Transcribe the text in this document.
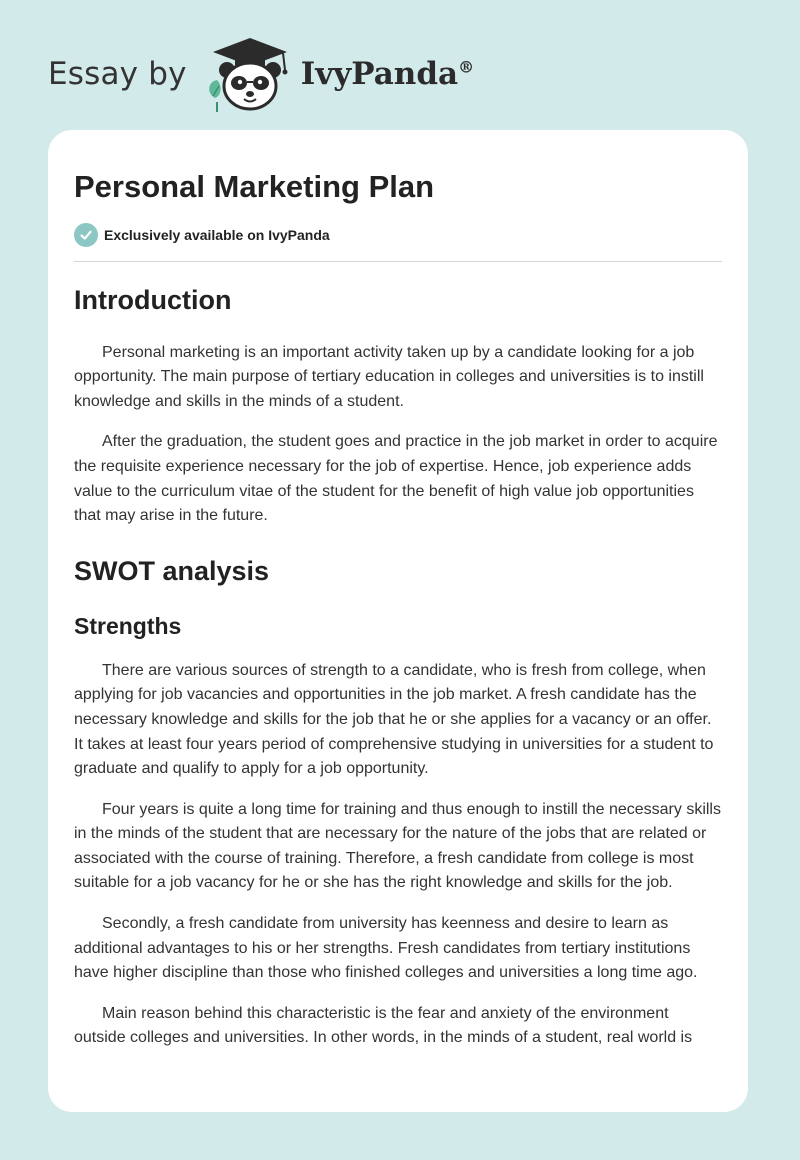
Essay by	IvyPanda®
Personal Marketing Plan
Exclusively available on IvyPanda
Introduction

Personal marketing is an important activity taken up by a candidate looking for a job opportunity. The main purpose of tertiary education in colleges and universities is to instill knowledge and skills in the minds of a student.

After the graduation, the student goes and practice in the job market in order to acquire the requisite experience necessary for the job of expertise. Hence, job experience adds value to the curriculum vitae of the student for the benefit of high value job opportunities that may arise in the future.

SWOT analysis
Strengths

There are various sources of strength to a candidate, who is fresh from college, when applying for job vacancies and opportunities in the job market. A fresh candidate has the necessary knowledge and skills for the job that he or she applies for a vacancy or an offer. It takes at least four years period of comprehensive studying in universities for a student to graduate and qualify to apply for a job opportunity.

Four years is quite a long time for training and thus enough to instill the necessary skills in the minds of the student that are necessary for the nature of the jobs that are related or associated with the course of training. Therefore, a fresh candidate from college is most suitable for a job vacancy for he or she has the right knowledge and skills for the job.

Secondly, a fresh candidate from university has keenness and desire to learn as additional advantages to his or her strengths. Fresh candidates from tertiary institutions have higher discipline than those who finished colleges and universities a long time ago.

Main reason behind this characteristic is the fear and anxiety of the environment outside colleges and universities. In other words, in the minds of a student, real world is
